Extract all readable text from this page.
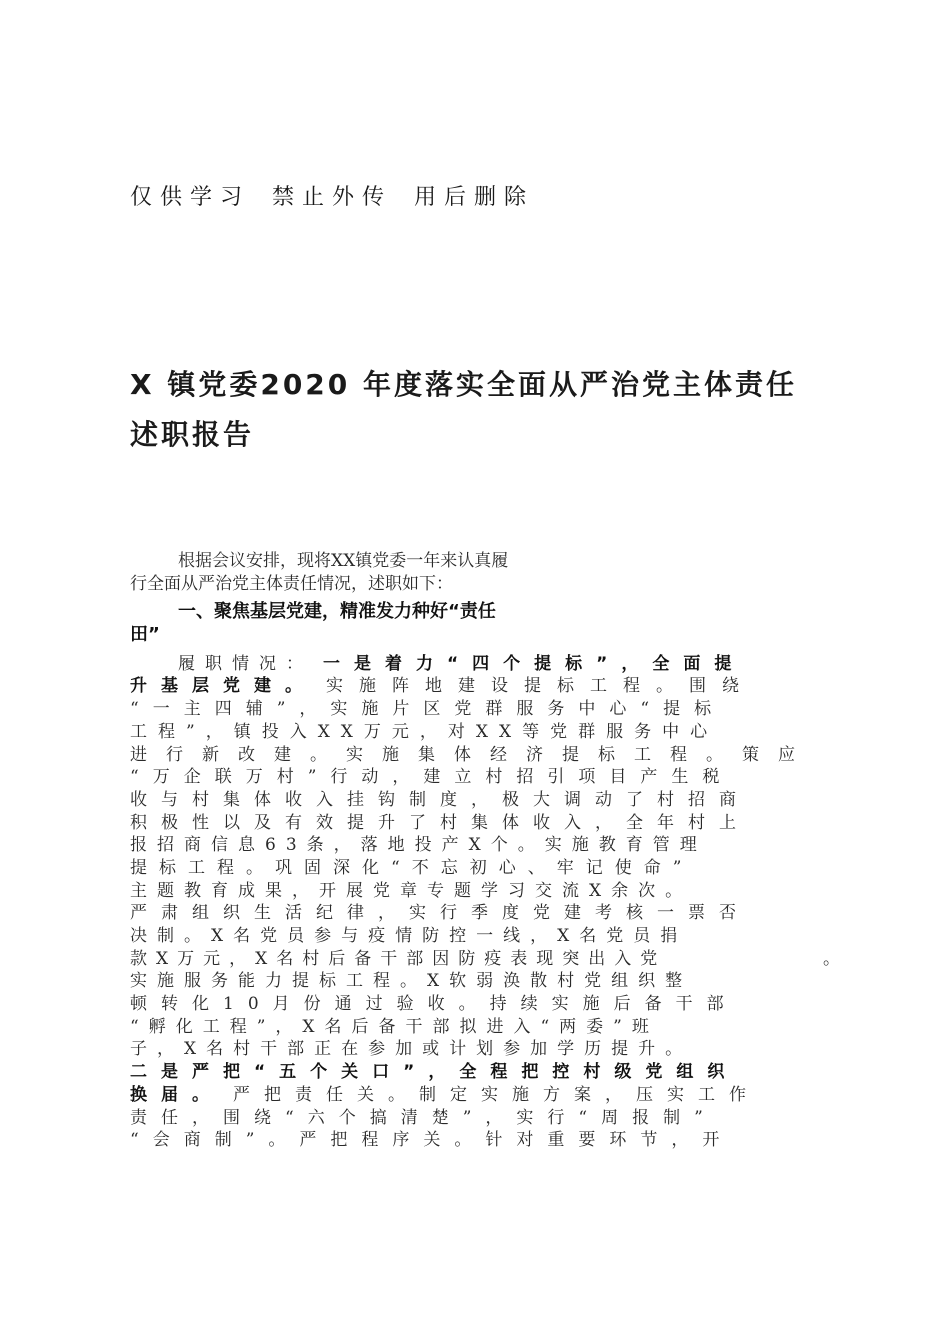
仅供学习 禁止外传 用后删除
X 镇党委2020 年度落实全面从严治党主体责任
述职报告
根据会议安排，现将XX镇党委一年来认真履
行全面从严治党主体责任情况，述职如下：
一、聚焦基层党建，精准发力种好“责任
田”
履职情况： 一是着力“四个提标”，全面提
升基层党建。 实施阵地建设提标工程。围绕
“一主四辅”，实施片区党群服务中心“提标
工程”，镇投入XX万元，对XX等党群服务中心
进行新改建。实施集体经济提标工程。策应
“万企联万村”行动，建立村招引项目产生税
收与村集体收入挂钩制度，极大调动了村招商
积极性以及有效提升了村集体收入，全年村上
报招商信息63条，落地投产X个。实施教育管理
提标工程。巩固深化“不忘初心、牢记使命”
主题教育成果，开展党章专题学习交流X余次。
严肃组织生活纪律，实行季度党建考核一票否
决制。X名党员参与疫情防控一线，X名党员捐
款X万元，X名村后备干部因防疫表现突出入党	。
实施服务能力提标工程。X软弱涣散村党组织整
顿转化10月份通过验收。持续实施后备干部
“孵化工程”，X名后备干部拟进入“两委”班
子，X名村干部正在参加或计划参加学历提升。
二是严把“五个关口”，全程把控村级党组织
换届。 严把责任关。制定实施方案，压实工作
责任，围绕“六个搞清楚”，实行“周报制”
“会商制”。严把程序关。针对重要环节，开
